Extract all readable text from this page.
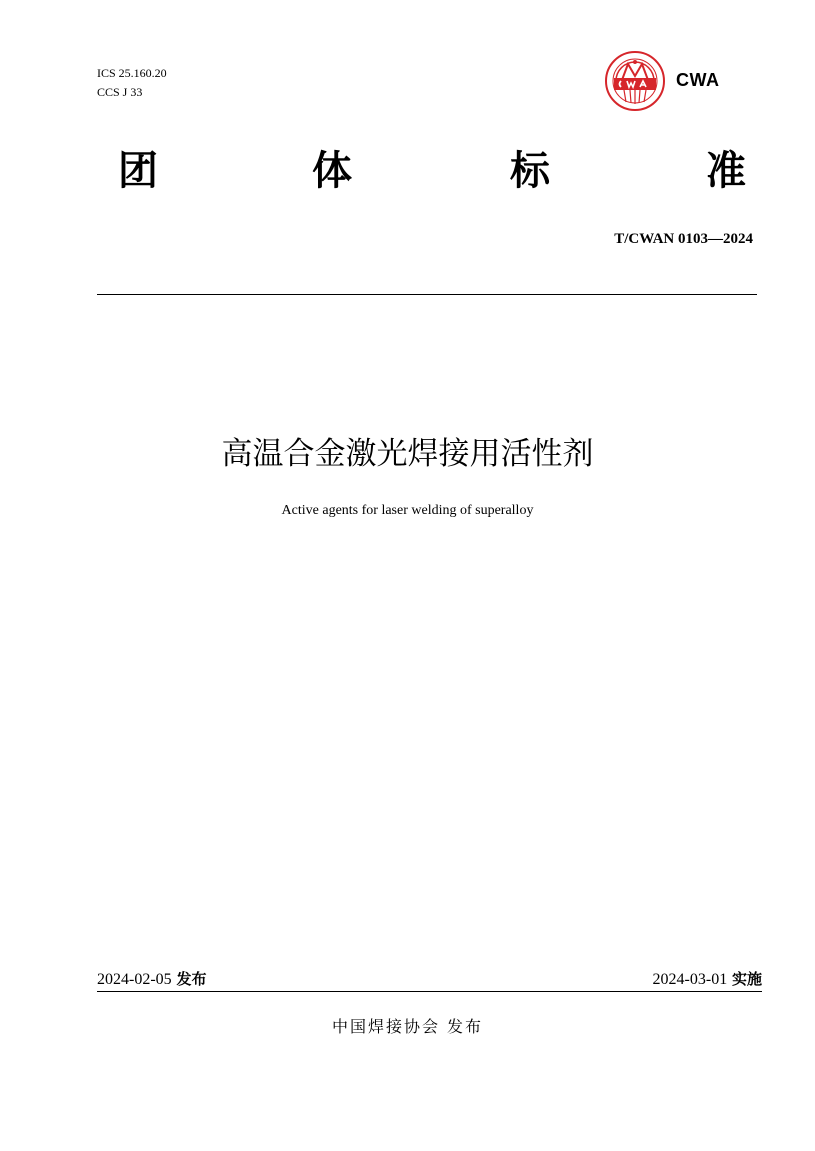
ICS 25.160.20
CCS J 33
CWA
团	体	标	准
T/CWAN 0103—2024
高温合金激光焊接用活性剂
Active agents for laser welding of superalloy
2024-02-05 发布	2024-03-01 实施
中国焊接协会 发布
